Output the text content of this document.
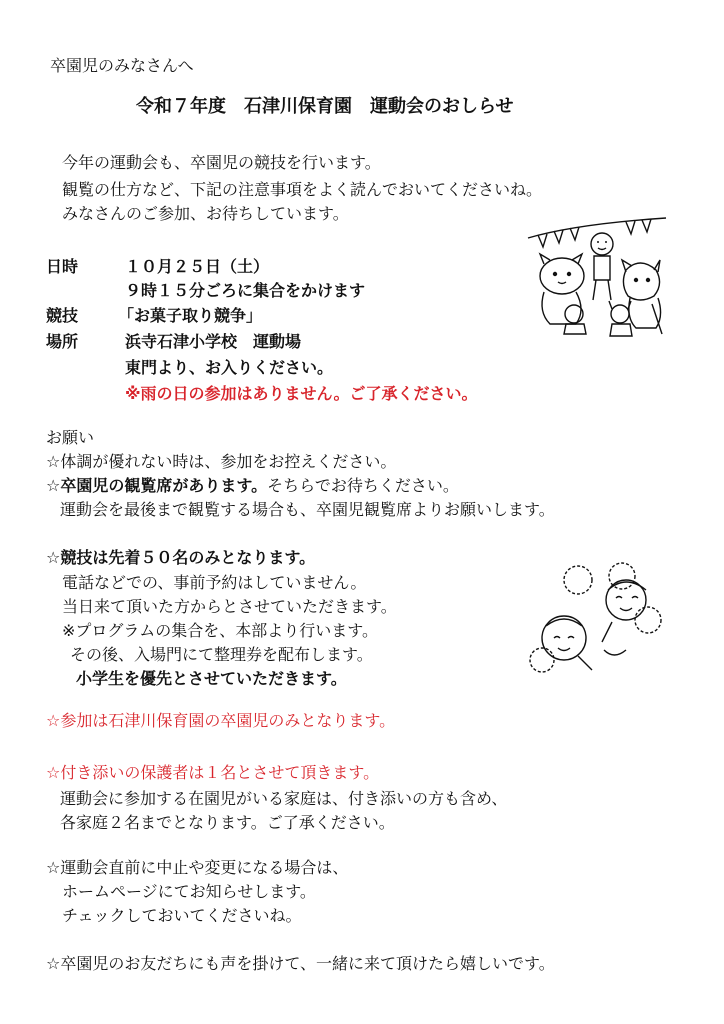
卒園児のみなさんへ
令和７年度　石津川保育園　運動会のおしらせ
今年の運動会も、卒園児の競技を行います。
観覧の仕方など、下記の注意事項をよく読んでおいてくださいね。
みなさんのご参加、お待ちしています。
日時	１０月２５日（土）
９時１５分ごろに集合をかけます
競技 「お菓子取り競争」
場所	浜寺石津小学校　運動場
東門より、お入りください。
※雨の日の参加はありません。ご了承ください。
お願い
☆体調が優れない時は、参加をお控えください。
☆卒園児の観覧席があります。そちらでお待ちください。
運動会を最後まで観覧する場合も、卒園児観覧席よりお願いします。
☆競技は先着５０名のみとなります。
電話などでの、事前予約はしていません。
当日来て頂いた方からとさせていただきます。
※プログラムの集合を、本部より行います。
その後、入場門にて整理券を配布します。
小学生を優先とさせていただきます。
☆参加は石津川保育園の卒園児のみとなります。
☆付き添いの保護者は１名とさせて頂きます。
運動会に参加する在園児がいる家庭は、付き添いの方も含め、
各家庭２名までとなります。ご了承ください。
☆運動会直前に中止や変更になる場合は、
ホームページにてお知らせします。
チェックしておいてくださいね。
☆卒園児のお友だちにも声を掛けて、一緒に来て頂けたら嬉しいです。
